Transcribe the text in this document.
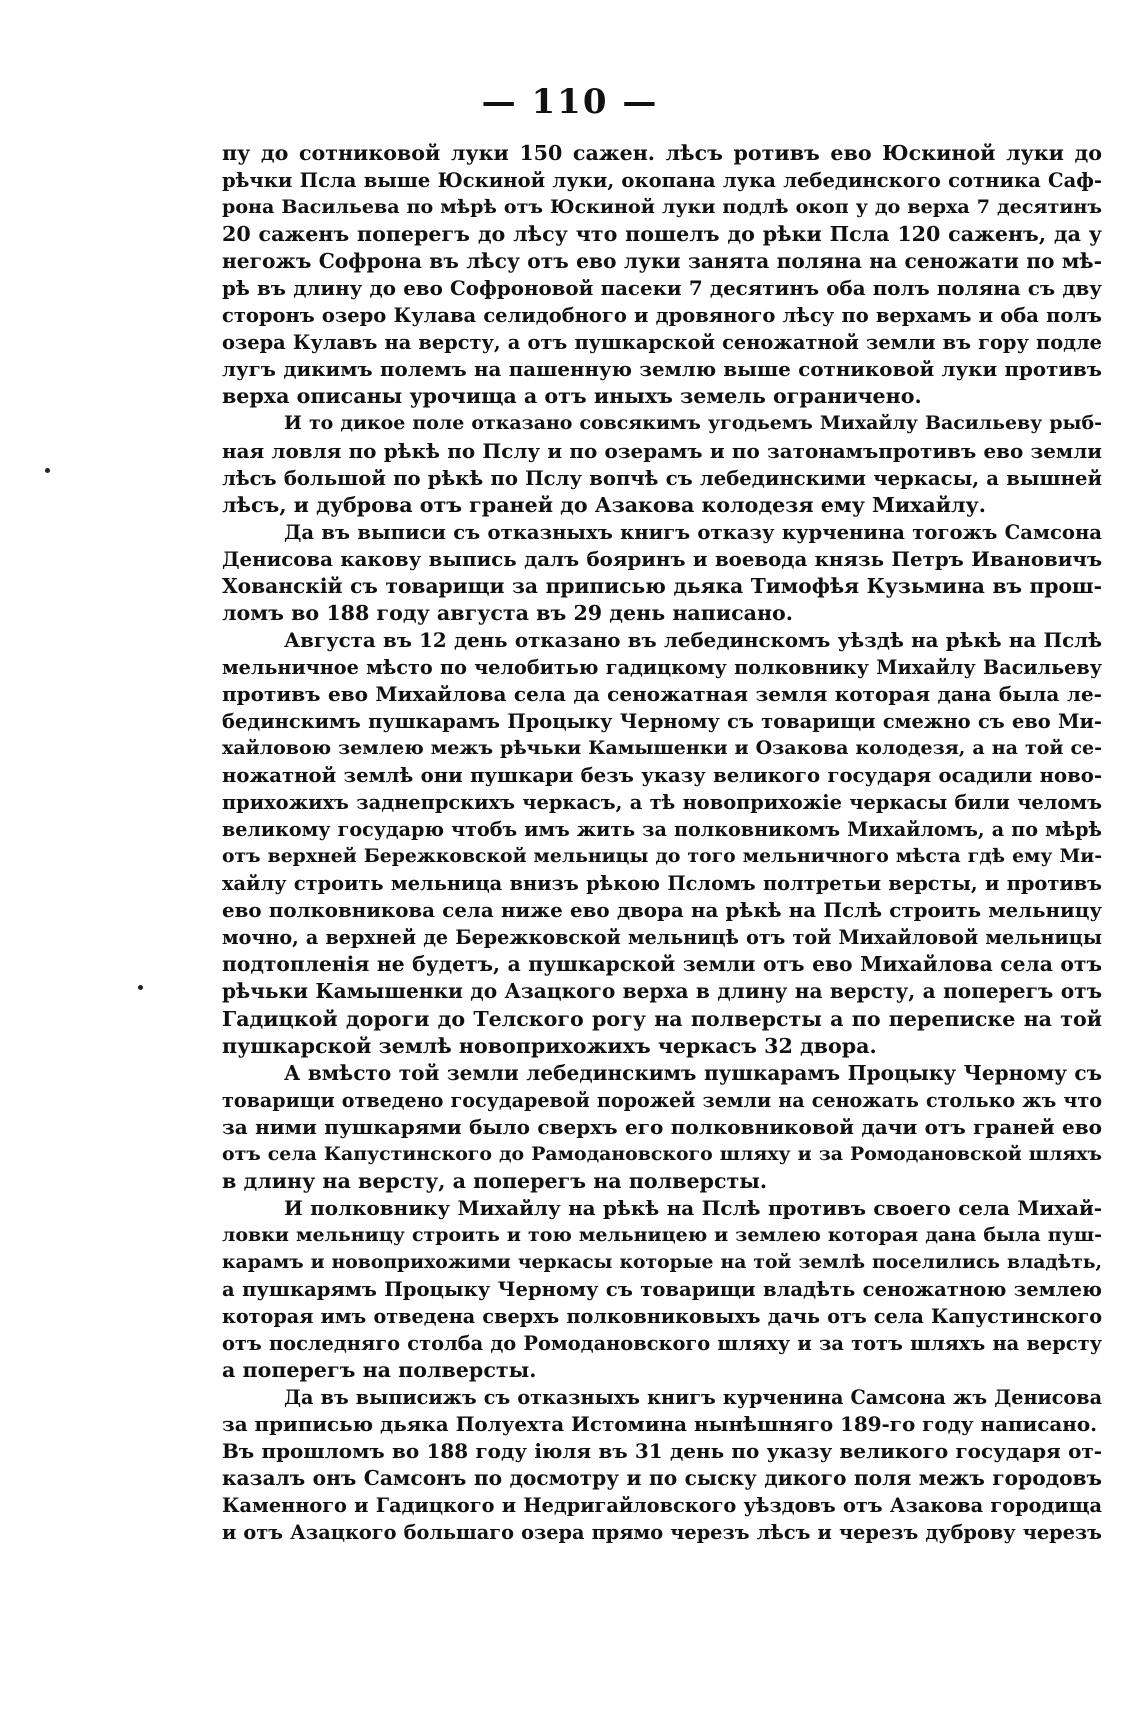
— 110 —
пу до сотниковой луки 150 сажен. лѣсъ ротивъ ево Юскиной луки до
рѣчки Псла выше Юскиной луки, окопана лука лебединского сотника Саф-
рона Васильева по мѣрѣ отъ Юскиной луки подлѣ окоп у до верха 7 десятинъ
20 саженъ поперегъ до лѣсу что пошелъ до рѣки Псла 120 саженъ, да у
негожъ Софрона въ лѣсу отъ ево луки занята поляна на сеножати по мѣ-
рѣ въ длину до ево Софроновой пасеки 7 десятинъ оба полъ поляна съ дву
сторонъ озеро Кулава селидобного и дровяного лѣсу по верхамъ и оба полъ
озера Кулавъ на версту, а отъ пушкарской сеножатной земли въ гору подле
лугъ дикимъ полемъ на пашенную землю выше сотниковой луки противъ
верха описаны урочища а отъ иныхъ земель ограничено.
И то дикое поле отказано совсякимъ угодьемъ Михайлу Васильеву рыб-
ная ловля по рѣкѣ по Пслу и по озерамъ и по затонамъпротивъ ево земли
лѣсъ большой по рѣкѣ по Пслу вопчѣ съ лебединскими черкасы, а вышней
лѣсъ, и дуброва отъ граней до Азакова колодезя ему Михайлу.
Да въ выписи съ отказныхъ книгъ отказу курченина тогожъ Самсона
Денисова какову выпись далъ бояринъ и воевода князь Петръ Ивановичъ
Хованскiй съ товарищи за приписью дьяка Тимофѣя Кузьмина въ прош-
ломъ во 188 году августа въ 29 день написано.
Августа въ 12 день отказано въ лебединскомъ уѣздѣ на рѣкѣ на Пслѣ
мельничное мѣсто по челобитью гадицкому полковнику Михайлу Васильеву
противъ ево Михайлова села да сеножатная земля которая дана была ле-
бединскимъ пушкарамъ Процыку Черному съ товарищи смежно съ ево Ми-
хайловою землею межъ рѣчьки Камышенки и Озакова колодезя, а на той се-
ножатной землѣ они пушкари безъ указу великого государя осадили ново-
прихожихъ заднепрскихъ черкасъ, а тѣ новоприхожiе черкасы били челомъ
великому государю чтобъ имъ жить за полковникомъ Михайломъ, а по мѣрѣ
отъ верхней Бережковской мельницы до того мельничного мѣста гдѣ ему Ми-
хайлу строить мельница внизъ рѣкою Псломъ полтретьи версты, и противъ
ево полковникова села ниже ево двора на рѣкѣ на Пслѣ строить мельницу
мочно, а верхней де Бережковской мельницѣ отъ той Михайловой мельницы
подтопленiя не будетъ, а пушкарской земли отъ ево Михайлова села отъ
рѣчьки Камышенки до Азацкого верха в длину на версту, а поперегъ отъ
Гадицкой дороги до Телского рогу на полверсты а по переписке на той
пушкарской землѣ новоприхожихъ черкасъ 32 двора.
А вмѣсто той земли лебединскимъ пушкарамъ Процыку Черному съ
товарищи отведено государевой порожей земли на сеножать столько жъ что
за ними пушкарями было сверхъ его полковниковой дачи отъ граней ево
отъ села Капустинского до Рамодановского шляху и за Ромодановской шляхъ
в длину на версту, а поперегъ на полверсты.
И полковнику Михайлу на рѣкѣ на Пслѣ противъ своего села Михай-
ловки мельницу строить и тою мельницею и землею которая дана была пуш-
карамъ и новоприхожими черкасы которые на той землѣ поселились владѣть,
а пушкарямъ Процыку Черному съ товарищи владѣть сеножатною землею
которая имъ отведена сверхъ полковниковыхъ дачь отъ села Капустинского
отъ последняго столба до Ромодановского шляху и за тотъ шляхъ на версту
а поперегъ на полверсты.
Да въ выписижъ съ отказныхъ книгъ курченина Самсона жъ Денисова
за приписью дьяка Полуехта Истомина нынѣшняго 189-го году написано.
Въ прошломъ во 188 году iюля въ 31 день по указу великого государя от-
казалъ онъ Самсонъ по досмотру и по сыску дикого поля межъ городовъ
Каменного и Гадицкого и Недригайловского уѣздовъ отъ Азакова городища
и отъ Азацкого большаго озера прямо черезъ лѣсъ и черезъ дуброву черезъ
